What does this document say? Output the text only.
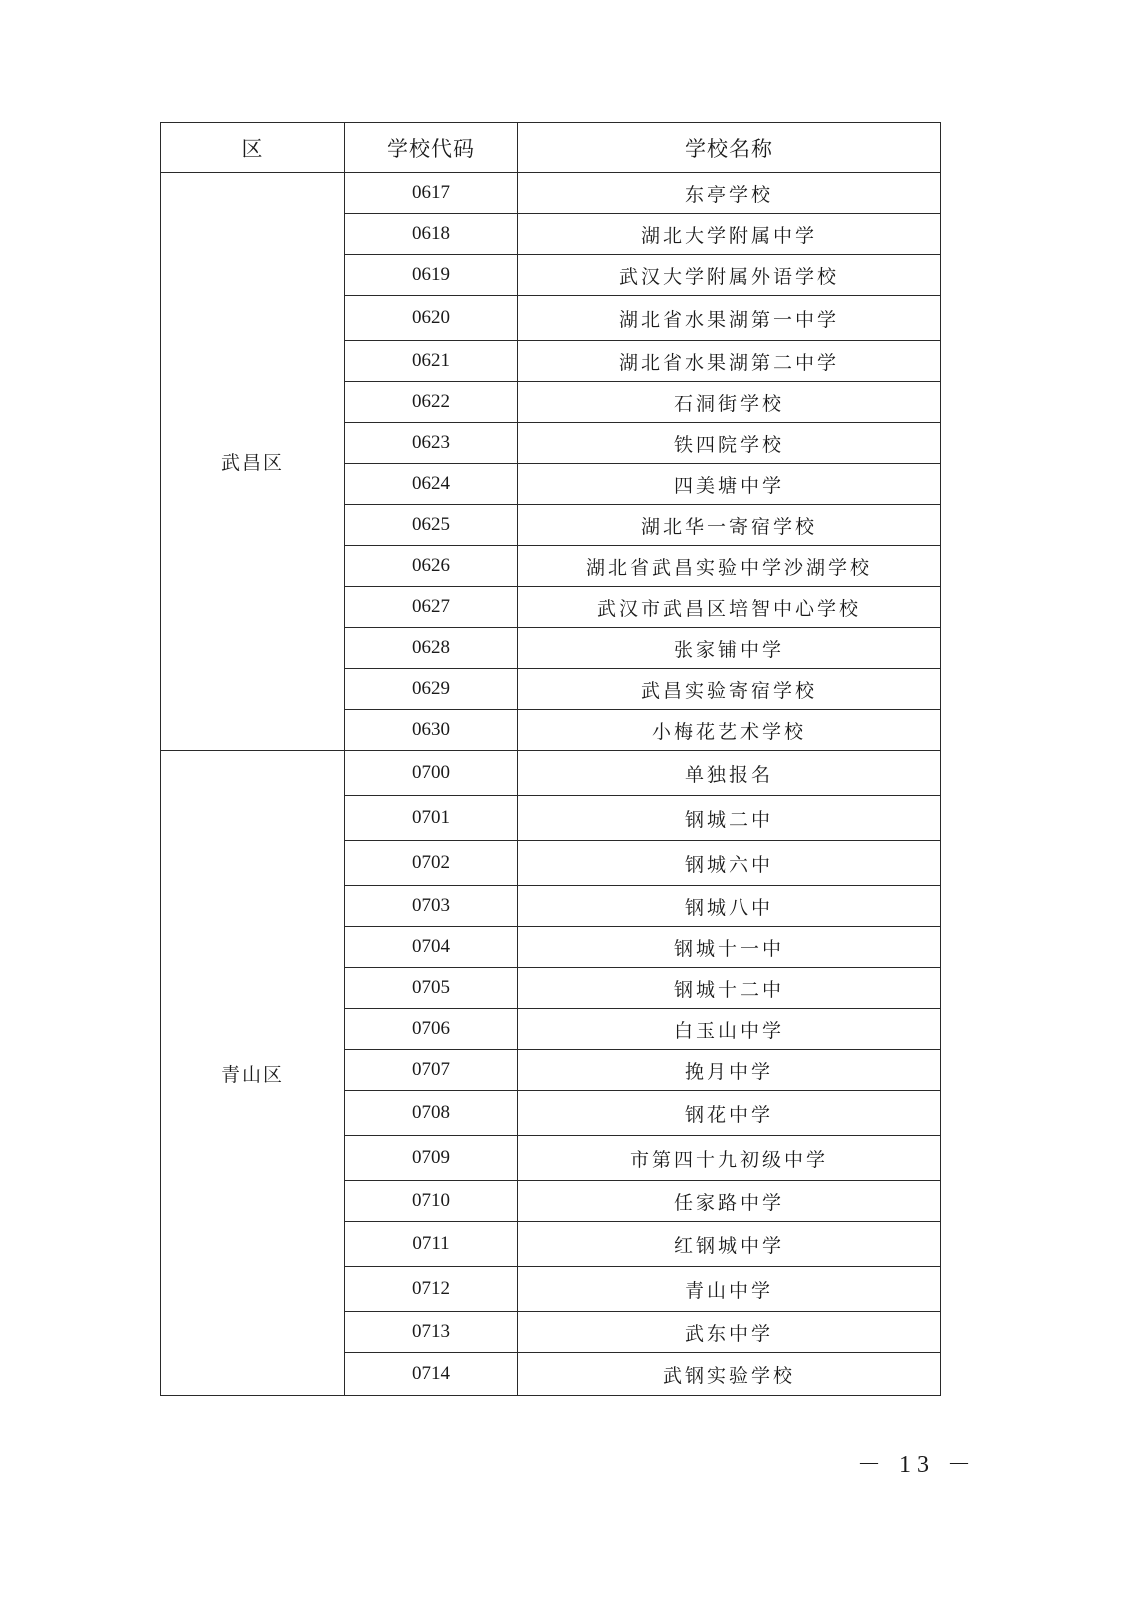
区	学校代码	学校名称
武昌区	0617	东亭学校
	0618	湖北大学附属中学
	0619	武汉大学附属外语学校
	0620	湖北省水果湖第一中学
	0621	湖北省水果湖第二中学
	0622	石洞街学校
	0623	铁四院学校
	0624	四美塘中学
	0625	湖北华一寄宿学校
	0626	湖北省武昌实验中学沙湖学校
	0627	武汉市武昌区培智中心学校
	0628	张家铺中学
	0629	武昌实验寄宿学校
	0630	小梅花艺术学校
青山区	0700	单独报名
	0701	钢城二中
	0702	钢城六中
	0703	钢城八中
	0704	钢城十一中
	0705	钢城十二中
	0706	白玉山中学
	0707	挽月中学
	0708	钢花中学
	0709	市第四十九初级中学
	0710	任家路中学
	0711	红钢城中学
	0712	青山中学
	0713	武东中学
	0714	武钢实验学校
－ 13 －
